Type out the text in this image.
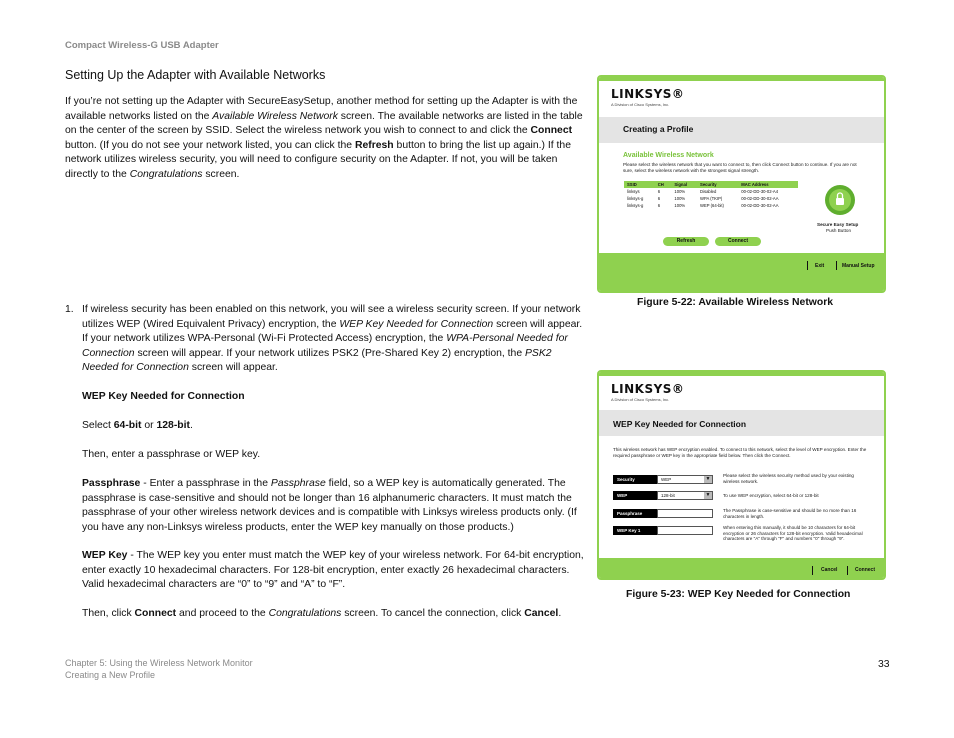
Compact Wireless-G USB Adapter
Setting Up the Adapter with Available Networks
If you’re not setting up the Adapter with SecureEasySetup, another method for setting up the Adapter is with the available networks listed on the Available Wireless Network screen. The available networks are listed in the table on the center of the screen by SSID. Select the wireless network you wish to connect to and click the Connect button. (If you do not see your network listed, you can click the Refresh button to bring the list up again.) If the network utilizes wireless security, you will need to configure security on the Adapter. If not, you will be taken directly to the Congratulations screen.
1. If wireless security has been enabled on this network, you will see a wireless security screen. If your network utilizes WEP (Wired Equivalent Privacy) encryption, the WEP Key Needed for Connection screen will appear. If your network utilizes WPA-Personal (Wi-Fi Protected Access) encryption, the WPA-Personal Needed for Connection screen will appear. If your network utilizes PSK2 (Pre-Shared Key 2) encryption, the PSK2 Needed for Connection screen will appear.
WEP Key Needed for Connection
Select 64-bit or 128-bit.
Then, enter a passphrase or WEP key.
Passphrase - Enter a passphrase in the Passphrase field, so a WEP key is automatically generated. The passphrase is case-sensitive and should not be longer than 16 alphanumeric characters. It must match the passphrase of your other wireless network devices and is compatible with Linksys wireless products only. (If you have any non-Linksys wireless products, enter the WEP key manually on those products.)
WEP Key - The WEP key you enter must match the WEP key of your wireless network. For 64-bit encryption, enter exactly 10 hexadecimal characters. For 128-bit encryption, enter exactly 26 hexadecimal characters. Valid hexadecimal characters are “0” to “9” and “A” to “F”.
Then, click Connect and proceed to the Congratulations screen. To cancel the connection, click Cancel.
LINKSYS®
A Division of Cisco Systems, Inc.
Creating a Profile
Available Wireless Network
Please select the wireless network that you want to connect to, then click Connect button to continue. If you are not sure, select the wireless network with the strongest signal strength.
SSID	CH	Signal	Security	MAC Address
linksys	6	100%	Disabled	00-02-DD-30-02-A4
linksys-g	6	100%	WPA (TKIP)	00-02-DD-30-02-AA
linksys-g	6	100%	WEP (64-bit)	00-02-DD-30-02-AA
Secure Easy Setup
Push Button
Refresh	Connect
Exit	Manual Setup
Figure 5-22: Available Wireless Network
LINKSYS®
A Division of Cisco Systems, Inc.
WEP Key Needed for Connection
This wireless network has WEP encryption enabled. To connect to this network, select the level of WEP encryption. Enter the required passphrase or WEP key in the appropriate field below. Then click the Connect.
Security	WEP	▼
Please select the wireless security method used by your existing wireless network.
WEP	128-bit	▼	To use WEP encryption, select 64-bit or 128-bit
Passphrase
The Passphrase is case-sensitive and should be no more than 16 characters in length.
WEP Key 1
When entering this manually, it should be 10 characters for 64-bit encryption or 26 characters for 128-bit encryption. Valid hexadecimal characters are "A" through "F" and numbers "0" through "9".
Cancel	Connect
Figure 5-23: WEP Key Needed for Connection
Chapter 5: Using the Wireless Network Monitor
Creating a New Profile
33
